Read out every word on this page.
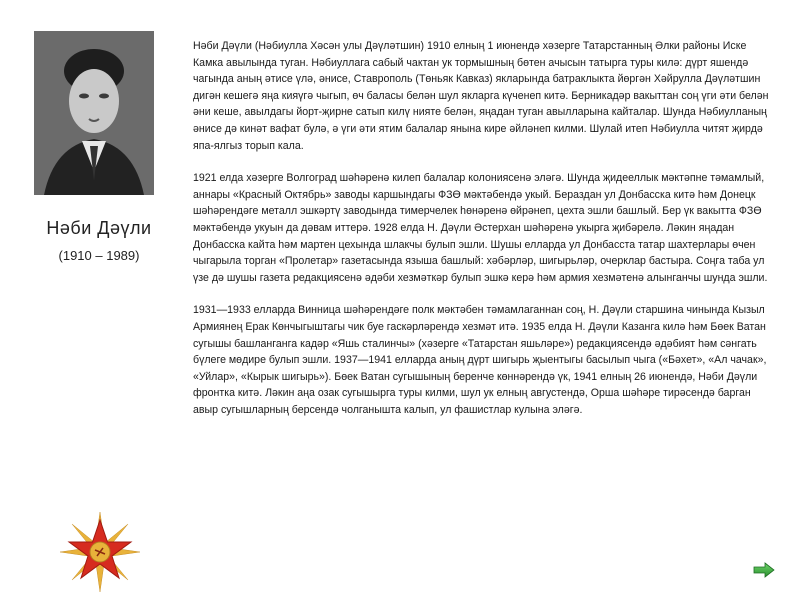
Нәби Дәүли
(1910 – 1989)

Нәби Дәүли (Нәбиулла Хәсән улы Дәүләтшин) 1910 елның 1 июнендә хәзерге Татарстанның Әлки районы Иске Камка авылында туган. Нәбиуллага сабый чактан ук тормышның бөтен ачысын татырга туры килә: дүрт яшендә чагында аның әтисе үлә, әнисе, Ставрополь (Төньяк Кавказ) якларында батраклыкта йөргән Хәйрулла Дәүләтшин дигән кешегә яңа кияүгә чыгып, өч баласы белән шул якларга күченеп китә. Берникадәр вакыттан соң үги әти белән әни кеше, авылдагы йорт-җирне сатып килү нияте белән, яңадан туган авылларына кайталар. Шунда Нәбиулланың әнисе дә кинәт вафат булә, ә үги әти ятим балалар янына кире әйләнеп килми. Шулай итеп Нәбиулла читят җирдә япа-ялгыз торып кала.

1921 елда хәзерге Волгоград шәһәренә килеп балалар колониясенә эләгә. Шунда җидееллык мәктәпне тәмамлый, аннары «Красный Октябрь» заводы каршындагы ФЗӨ мәктәбендә укый. Бераздан ул Донбасска китә һәм Донецк шәһәрендәге металл эшкәртү заводында тимерчелек һөнәренә өйрәнеп, цехта эшли башлый. Бер үк вакытта ФЗӨ мәктәбендә укуын да дәвам иттерә. 1928 елда Н. Дәүли Әстерхан шәһәренә укырга җибәрелә. Ләкин яңадан Донбасска кайта һәм мартен цехында шлакчы булып эшли. Шушы елларда ул Донбасста татар шахтерлары өчен чыгарыла торган «Пролетар» газетасында язышa башлый: хәбәрләр, шигырьләр, очерклар бастыра. Соңга таба ул үзе дә шушы газета редакциясенә әдәби хезмәткәр булып эшкә керә һәм армия хезмәтенә алынганчы шунда эшли.

1931—1933 елларда Винница шәһәрендәге полк мәктәбен тәмамлаганнан соң, Н. Дәүли старшина чинында Кызыл Армиянең Ерак Көнчыгыштагы чик буе гаскәрләрендә хезмәт итә. 1935 елда Н. Дәүли Казанга килә һәм Бөек Ватан сугышы башланганга кадәр «Яшь сталинчы» (хәзерге «Татарстан яшьләре») редакциясендә әдәбият һәм сәнгать бүлеге мөдире булып эшли. 1937—1941 елларда аның дүрт шигырь җыентыгы басылып чыга («Бәхет», «Ал чачак», «Уйлар», «Кырык шигырь»). Бөек Ватан сугышының беренче көннәрендә үк, 1941 елның 26 июнендә, Нәби Дәүли фронтка китә. Ләкин аңа озак сугышырга туры килми, шул ук елның августендә, Орша шәһәре тирәсендә барган авыр сугышларның берсендә чолганышта калып, ул фашистлар кулына эләгә.
